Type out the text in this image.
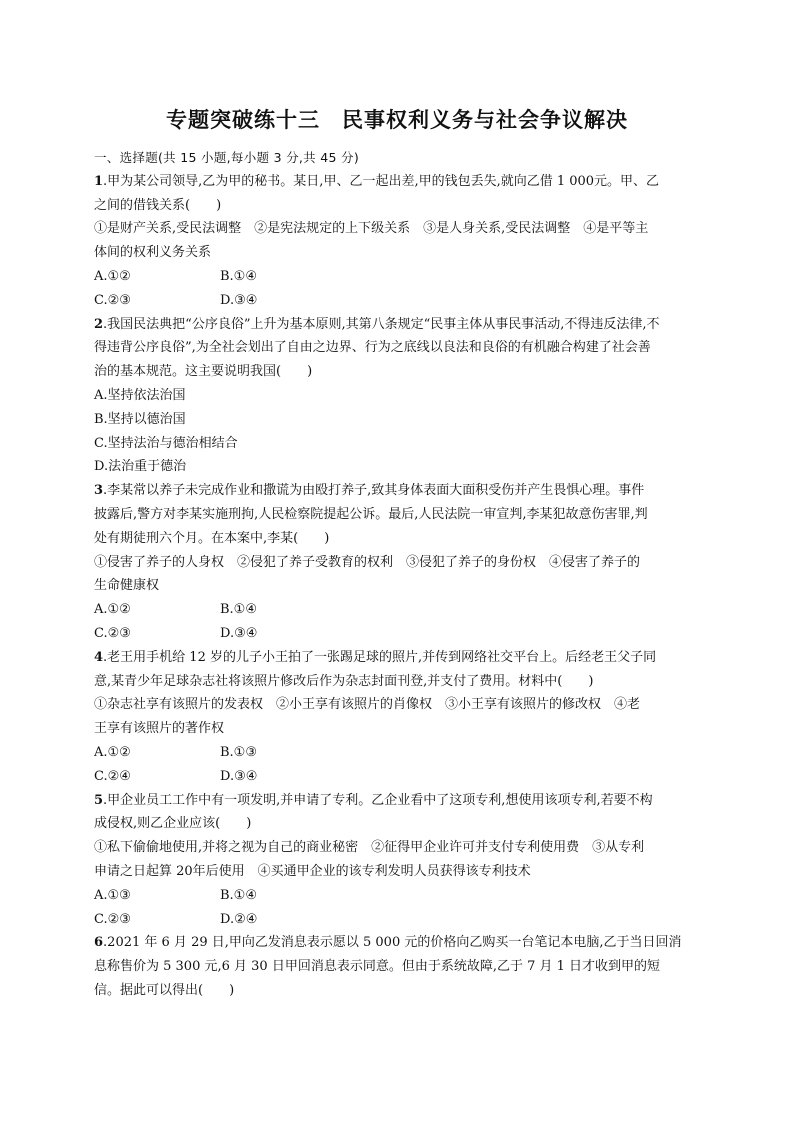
专题突破练十三　民事权利义务与社会争议解决
一、选择题(共 15 小题,每小题 3 分,共 45 分)
1.甲为某公司领导,乙为甲的秘书。某日,甲、乙一起出差,甲的钱包丢失,就向乙借 1 000元。甲、乙
之间的借钱关系(　　)
①是财产关系,受民法调整　②是宪法规定的上下级关系　③是人身关系,受民法调整　④是平等主
体间的权利义务关系
A.①②	B.①④
C.②③	D.③④
2.我国民法典把“公序良俗”上升为基本原则,其第八条规定“民事主体从事民事活动,不得违反法律,不
得违背公序良俗”,为全社会划出了自由之边界、行为之底线以良法和良俗的有机融合构建了社会善
治的基本规范。这主要说明我国(　　)
A.坚持依法治国
B.坚持以德治国
C.坚持法治与德治相结合
D.法治重于德治
3.李某常以养子未完成作业和撒谎为由殴打养子,致其身体表面大面积受伤并产生畏惧心理。事件
披露后,警方对李某实施刑拘,人民检察院提起公诉。最后,人民法院一审宣判,李某犯故意伤害罪,判
处有期徒刑六个月。在本案中,李某(　　)
①侵害了养子的人身权　②侵犯了养子受教育的权利　③侵犯了养子的身份权　④侵害了养子的
生命健康权
A.①②	B.①④
C.②③	D.③④
4.老王用手机给 12 岁的儿子小王拍了一张踢足球的照片,并传到网络社交平台上。后经老王父子同
意,某青少年足球杂志社将该照片修改后作为杂志封面刊登,并支付了费用。材料中(　　)
①杂志社享有该照片的发表权　②小王享有该照片的肖像权　③小王享有该照片的修改权　④老
王享有该照片的著作权
A.①②	B.①③
C.②④	D.③④
5.甲企业员工工作中有一项发明,并申请了专利。乙企业看中了这项专利,想使用该项专利,若要不构
成侵权,则乙企业应该(　　)
①私下偷偷地使用,并将之视为自己的商业秘密　②征得甲企业许可并支付专利使用费　③从专利
申请之日起算 20年后使用　④买通甲企业的该专利发明人员获得该专利技术
A.①③	B.①④
C.②③	D.②④
6.2021 年 6 月 29 日,甲向乙发消息表示愿以 5 000 元的价格向乙购买一台笔记本电脑,乙于当日回消
息称售价为 5 300 元,6 月 30 日甲回消息表示同意。但由于系统故障,乙于 7 月 1 日才收到甲的短
信。据此可以得出(　　)
